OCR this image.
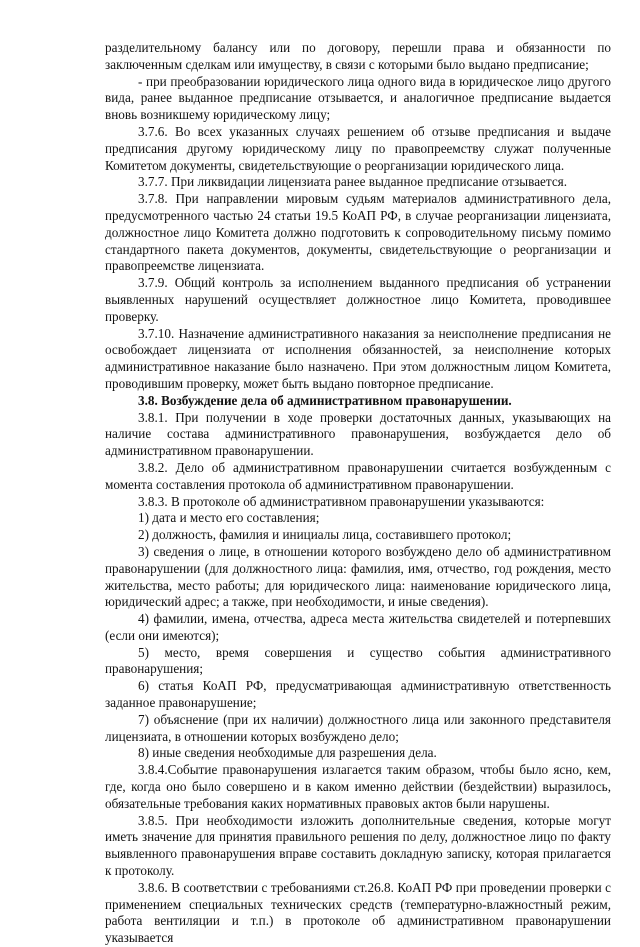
разделительному балансу или по договору, перешли права и обязанности по заключенным сделкам или имуществу, в связи с которыми было выдано предписание;

- при преобразовании юридического лица одного вида в юридическое лицо другого вида, ранее выданное предписание отзывается, и аналогичное предписание выдается вновь возникшему юридическому лицу;

3.7.6. Во всех указанных случаях решением об отзыве предписания и выдаче предписания другому юридическому лицу по правопреемству служат полученные Комитетом документы, свидетельствующие о реорганизации юридического лица.

3.7.7. При ликвидации лицензиата ранее выданное предписание отзывается.

3.7.8. При направлении мировым судьям материалов административного дела, предусмотренного частью 24 статьи 19.5 КоАП РФ, в случае реорганизации лицензиата, должностное лицо Комитета должно подготовить к сопроводительному письму помимо стандартного пакета документов, документы, свидетельствующие о реорганизации и правопреемстве лицензиата.

3.7.9. Общий контроль за исполнением выданного предписания об устранении выявленных нарушений осуществляет должностное лицо Комитета, проводившее проверку.

3.7.10. Назначение административного наказания за неисполнение предписания не освобождает лицензиата от исполнения обязанностей, за неисполнение которых административное наказание было назначено. При этом должностным лицом Комитета, проводившим проверку, может быть выдано повторное предписание.

3.8. Возбуждение дела об административном правонарушении.

3.8.1. При получении в ходе проверки достаточных данных, указывающих на наличие состава административного правонарушения, возбуждается дело об административном правонарушении.

3.8.2. Дело об административном правонарушении считается возбужденным с момента составления протокола об административном правонарушении.

3.8.3. В протоколе об административном правонарушении указываются:

1) дата и место его составления;

2) должность, фамилия и инициалы лица, составившего протокол;

3) сведения о лице, в отношении которого возбуждено дело об административном правонарушении (для должностного лица: фамилия, имя, отчество, год рождения, место жительства, место работы; для юридического лица: наименование юридического лица, юридический адрес; а также, при необходимости, и иные сведения).

4) фамилии, имена, отчества, адреса места жительства свидетелей и потерпевших (если они имеются);

5) место, время совершения и существо события административного правонарушения;

6) статья КоАП РФ, предусматривающая административную ответственность заданное правонарушение;

7) объяснение (при их наличии) должностного лица или законного представителя лицензиата, в отношении которых возбуждено дело;

8) иные сведения необходимые для разрешения дела.

3.8.4.Событие правонарушения излагается таким образом, чтобы было ясно, кем, где, когда оно было совершено и в каком именно действии (бездействии) выразилось, обязательные требования каких нормативных правовых актов были нарушены.

3.8.5. При необходимости изложить дополнительные сведения, которые могут иметь значение для принятия правильного решения по делу, должностное лицо по факту выявленного правонарушения вправе составить докладную записку, которая прилагается к протоколу.

3.8.6. В соответствии с требованиями ст.26.8. КоАП РФ при проведении проверки с применением специальных технических средств (температурно-влажностный режим, работа вентиляции и т.п.) в протоколе об административном правонарушении указывается
